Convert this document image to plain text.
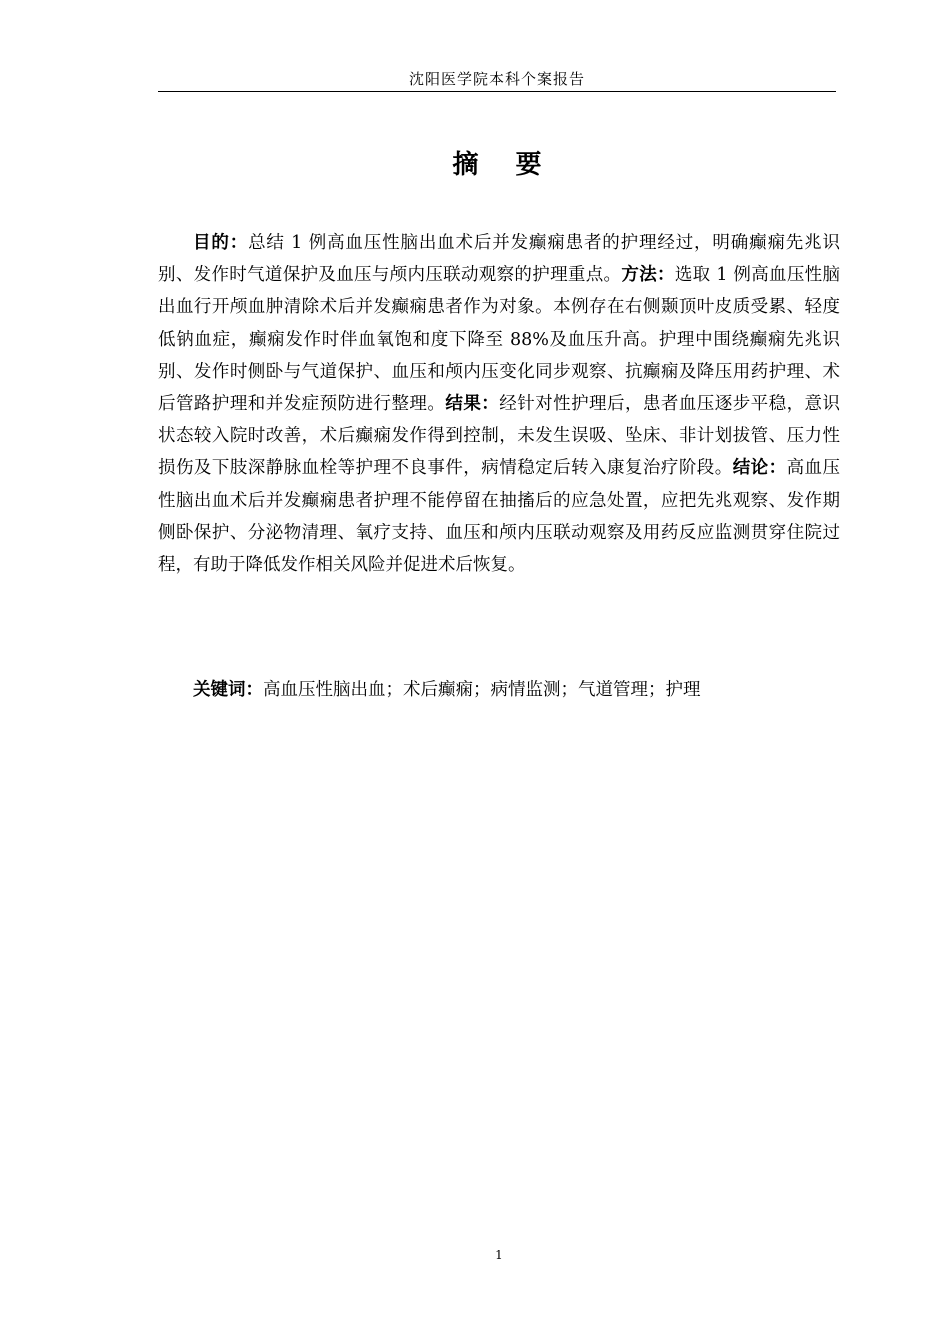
沈阳医学院本科个案报告
摘 要

目的：总结 1 例高血压性脑出血术后并发癫痫患者的护理经过，明确癫痫先兆识别、发作时气道保护及血压与颅内压联动观察的护理重点。方法：选取 1 例高血压性脑出血行开颅血肿清除术后并发癫痫患者作为对象。本例存在右侧颞顶叶皮质受累、轻度低钠血症，癫痫发作时伴血氧饱和度下降至 88%及血压升高。护理中围绕癫痫先兆识别、发作时侧卧与气道保护、血压和颅内压变化同步观察、抗癫痫及降压用药护理、术后管路护理和并发症预防进行整理。结果：经针对性护理后，患者血压逐步平稳，意识状态较入院时改善，术后癫痫发作得到控制，未发生误吸、坠床、非计划拔管、压力性损伤及下肢深静脉血栓等护理不良事件，病情稳定后转入康复治疗阶段。结论：高血压性脑出血术后并发癫痫患者护理不能停留在抽搐后的应急处置，应把先兆观察、发作期侧卧保护、分泌物清理、氧疗支持、血压和颅内压联动观察及用药反应监测贯穿住院过程，有助于降低发作相关风险并促进术后恢复。

关键词：高血压性脑出血；术后癫痫；病情监测；气道管理；护理
1
